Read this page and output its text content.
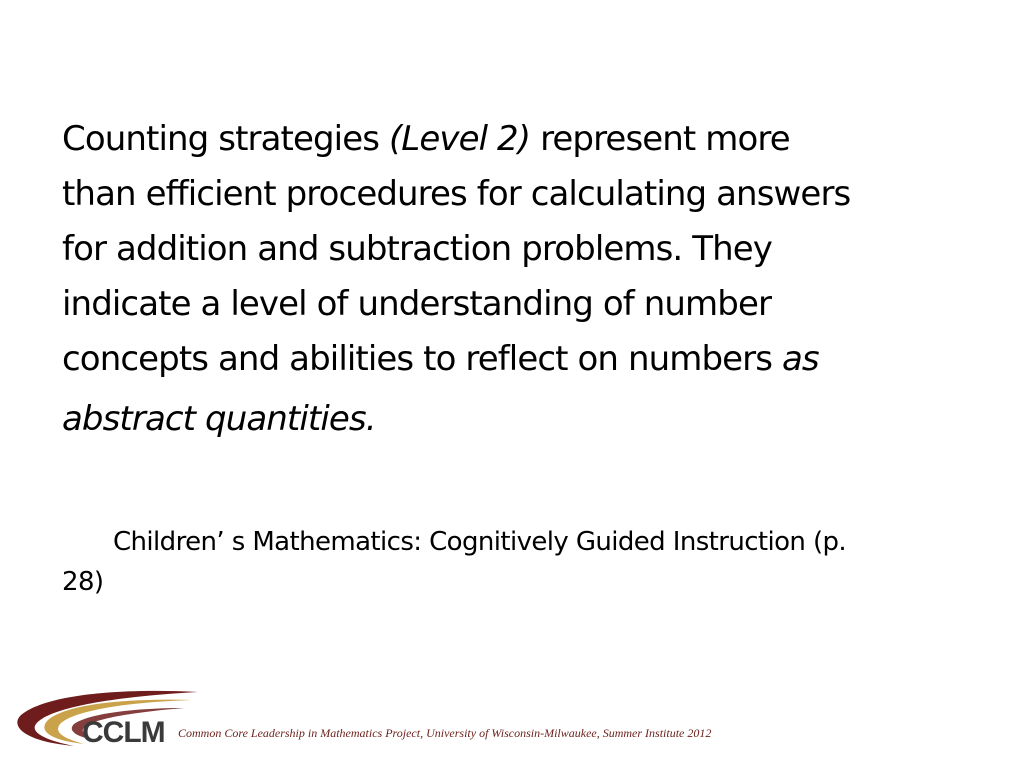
Counting strategies (Level 2) represent more
than efficient procedures for calculating answers
for addition and subtraction problems. They
indicate a level of understanding of number
concepts and abilities to reflect on numbers as
abstract quantities.
Children’ s Mathematics: Cognitively Guided Instruction (p.
28)
CCLM Common Core Leadership in Mathematics Project, University of Wisconsin-Milwaukee, Summer Institute 2012
